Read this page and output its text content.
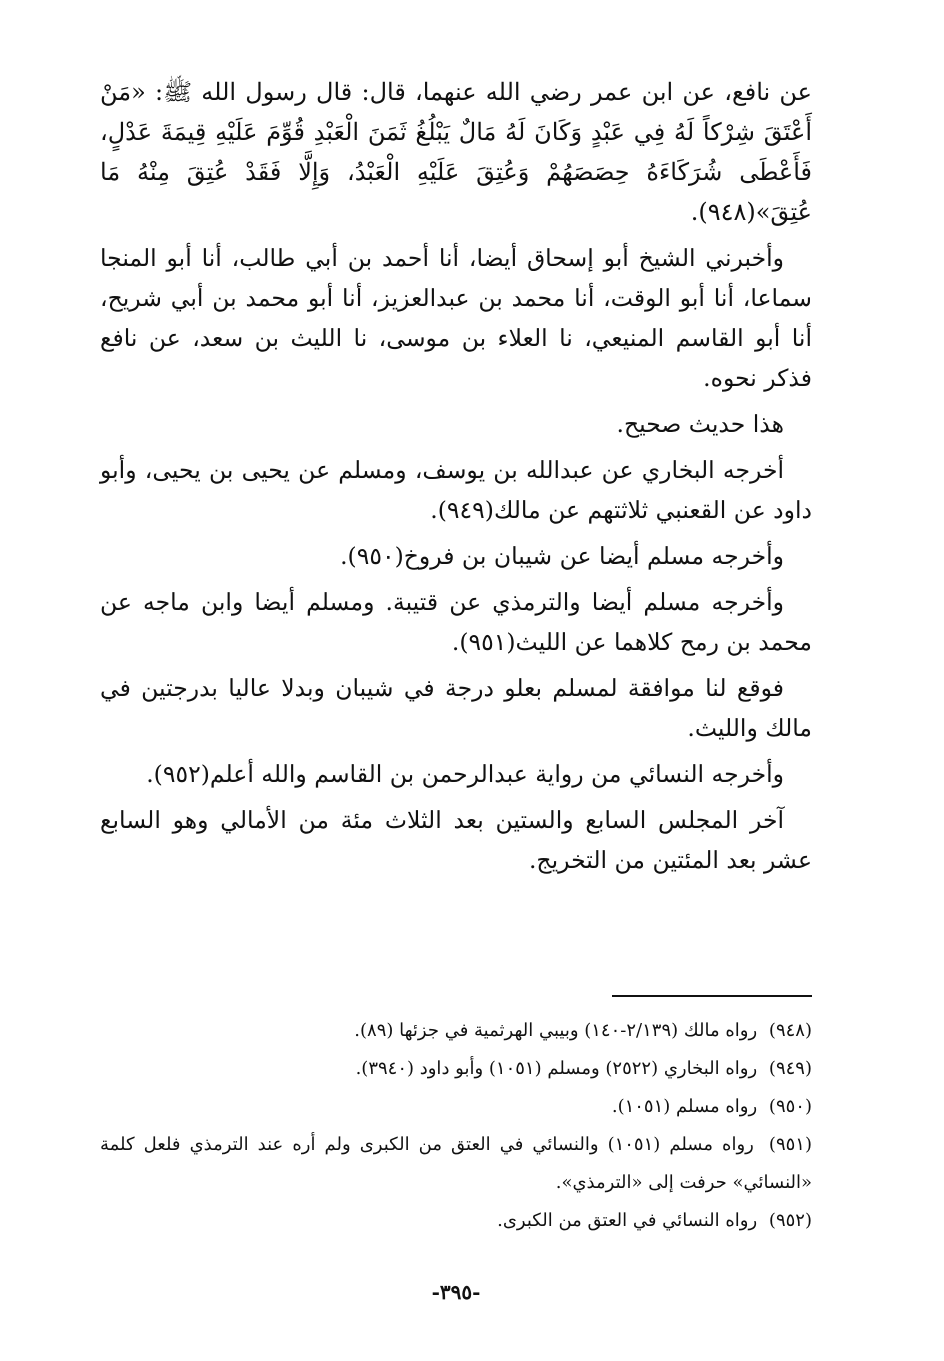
عن نافع، عن ابن عمر رضي الله عنهما، قال: قال رسول الله ﷺ: «مَنْ أَعْتَقَ شِرْكاً لَهُ فِي عَبْدٍ وَكَانَ لَهُ مَالٌ يَبْلُغُ ثَمَنَ الْعَبْدِ قُوِّمَ عَلَيْهِ قِيمَةَ عَدْلٍ، فَأَعْطَى شُرَكَاءَهُ حِصَصَهُمْ وَعُتِقَ عَلَيْهِ الْعَبْدُ، وَإِلَّا فَقَدْ عُتِقَ مِنْهُ مَا عُتِقَ»(٩٤٨).

وأخبرني الشيخ أبو إسحاق أيضا، أنا أحمد بن أبي طالب، أنا أبو المنجا سماعا، أنا أبو الوقت، أنا محمد بن عبدالعزيز، أنا أبو محمد بن أبي شريح، أنا أبو القاسم المنيعي، نا العلاء بن موسى، نا الليث بن سعد، عن نافع فذكر نحوه.

هذا حديث صحيح.

أخرجه البخاري عن عبدالله بن يوسف، ومسلم عن يحيى بن يحيى، وأبو داود عن القعنبي ثلاثتهم عن مالك(٩٤٩).

وأخرجه مسلم أيضا عن شيبان بن فروخ(٩٥٠).

وأخرجه مسلم أيضا والترمذي عن قتيبة. ومسلم أيضا وابن ماجه عن محمد بن رمح كلاهما عن الليث(٩٥١).

فوقع لنا موافقة لمسلم بعلو درجة في شيبان وبدلا عاليا بدرجتين في مالك والليث.

وأخرجه النسائي من رواية عبدالرحمن بن القاسم والله أعلم(٩٥٢).

آخر المجلس السابع والستين بعد الثلاث مئة من الأمالي وهو السابع عشر بعد المئتين من التخريج.

(٩٤٨) رواه مالك (٢/١٣٩-١٤٠) وبيبي الهرثمية في جزئها (٨٩).

(٩٤٩) رواه البخاري (٢٥٢٢) ومسلم (١٠٥١) وأبو داود (٣٩٤٠).

(٩٥٠) رواه مسلم (١٠٥١).

(٩٥١) رواه مسلم (١٠٥١) والنسائي في العتق من الكبرى ولم أره عند الترمذي فلعل كلمة «النسائي» حرفت إلى «الترمذي».

(٩٥٢) رواه النسائي في العتق من الكبرى.

-٣٩٥-
